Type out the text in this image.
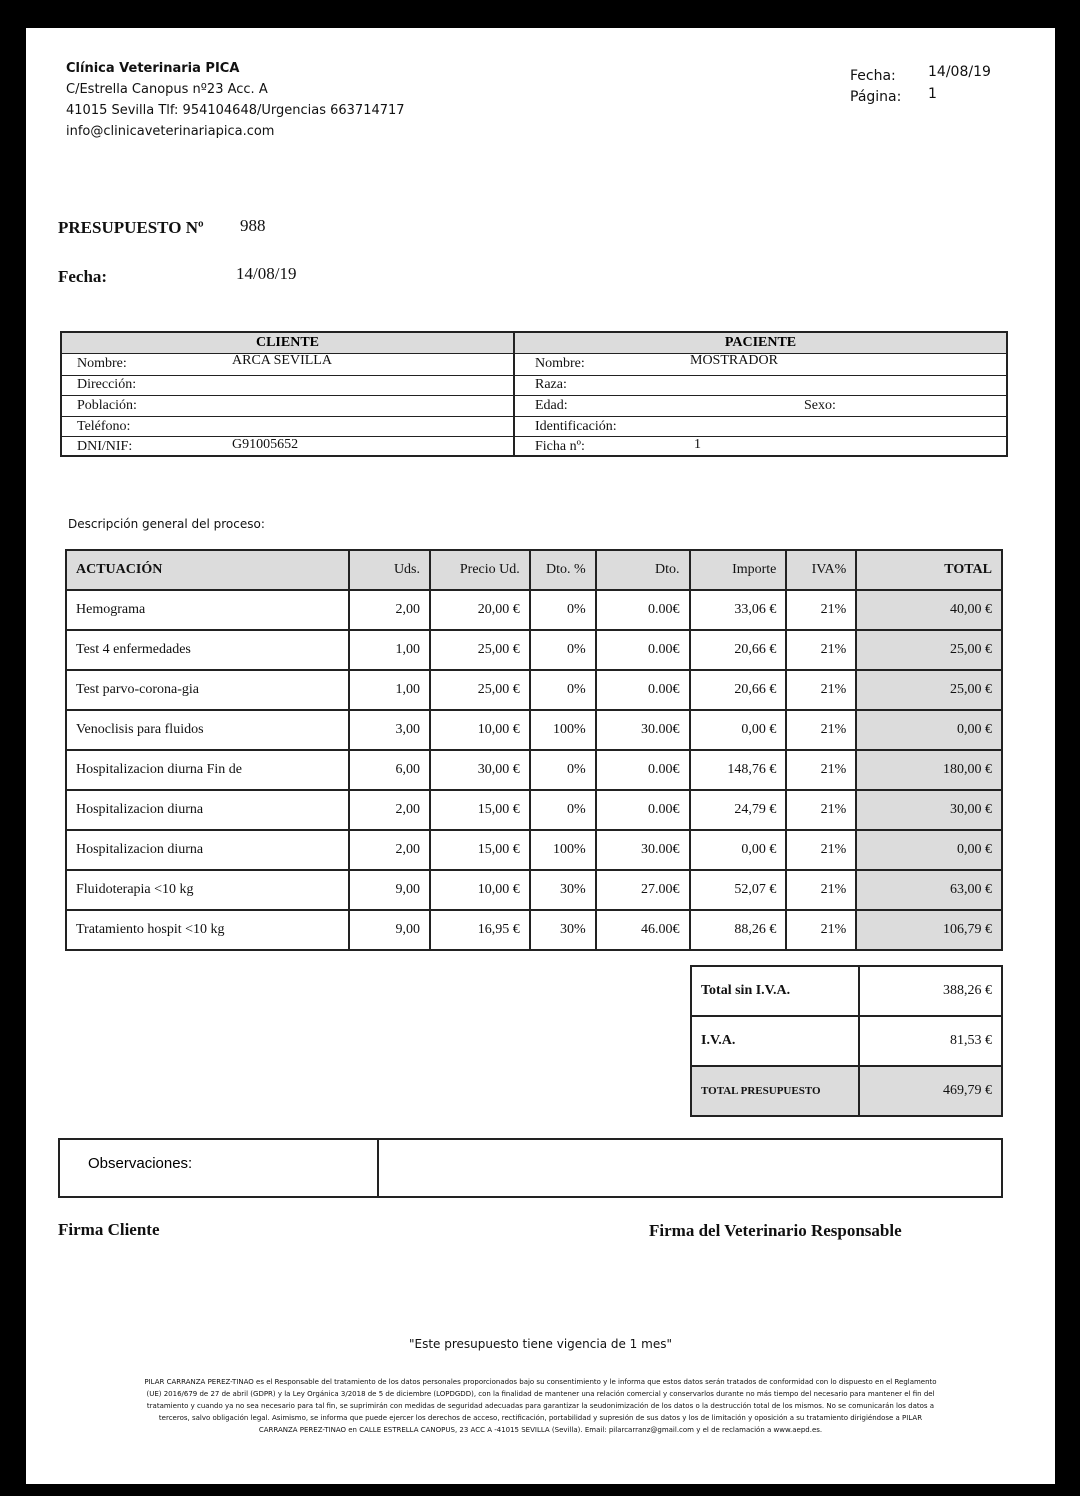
Clínica Veterinaria PICA
C/Estrella Canopus nº23 Acc. A
41015 Sevilla Tlf: 954104648/Urgencias 663714717
info@clinicaveterinariapica.com
Fecha: 14/08/19
Página: 1
PRESUPUESTO Nº 988
Fecha:	14/08/19
CLIENTE	PACIENTE
Nombre:	ARCA SEVILLA
Dirección:
Población:
Teléfono:
DNI/NIF:	G91005652
Nombre:	MOSTRADOR
Raza:
Edad:	Sexo:
Identificación:
Ficha nº:	1
Descripción general del proceso:
ACTUACIÓN	Uds.	Precio Ud.	Dto. %	Dto.	Importe	IVA%	TOTAL
Hemograma	2,00	20,00 €	0%	0.00€	33,06 €	21%	40,00 €
Test 4 enfermedades	1,00	25,00 €	0%	0.00€	20,66 €	21%	25,00 €
Test parvo-corona-gia	1,00	25,00 €	0%	0.00€	20,66 €	21%	25,00 €
Venoclisis para fluidos	3,00	10,00 €	100%	30.00€	0,00 €	21%	0,00 €
Hospitalizacion diurna Fin de	6,00	30,00 €	0%	0.00€	148,76 €	21%	180,00 €
Hospitalizacion diurna	2,00	15,00 €	0%	0.00€	24,79 €	21%	30,00 €
Hospitalizacion diurna	2,00	15,00 €	100%	30.00€	0,00 €	21%	0,00 €
Fluidoterapia <10 kg	9,00	10,00 €	30%	27.00€	52,07 €	21%	63,00 €
Tratamiento hospit <10 kg	9,00	16,95 €	30%	46.00€	88,26 €	21%	106,79 €
Total sin I.V.A.	388,26 €
I.V.A.	81,53 €
TOTAL PRESUPUESTO	469,79 €
Observaciones:
Firma Cliente	Firma del Veterinario Responsable
"Este presupuesto tiene vigencia de 1 mes"
PILAR CARRANZA PEREZ-TINAO es el Responsable del tratamiento de los datos personales proporcionados bajo su consentimiento y le informa que estos datos serán tratados de conformidad con lo dispuesto en el Reglamento
(UE) 2016/679 de 27 de abril (GDPR) y la Ley Orgánica 3/2018 de 5 de diciembre (LOPDGDD), con la finalidad de mantener una relación comercial y conservarlos durante no más tiempo del necesario para mantener el fin del
tratamiento y cuando ya no sea necesario para tal fin, se suprimirán con medidas de seguridad adecuadas para garantizar la seudonimización de los datos o la destrucción total de los mismos. No se comunicarán los datos a
terceros, salvo obligación legal. Asimismo, se informa que puede ejercer los derechos de acceso, rectificación, portabilidad y supresión de sus datos y los de limitación y oposición a su tratamiento dirigiéndose a PILAR
CARRANZA PEREZ-TINAO en CALLE ESTRELLA CANOPUS, 23 ACC A -41015 SEVILLA (Sevilla). Email: pilarcarranz@gmail.com y el de reclamación a www.aepd.es.
